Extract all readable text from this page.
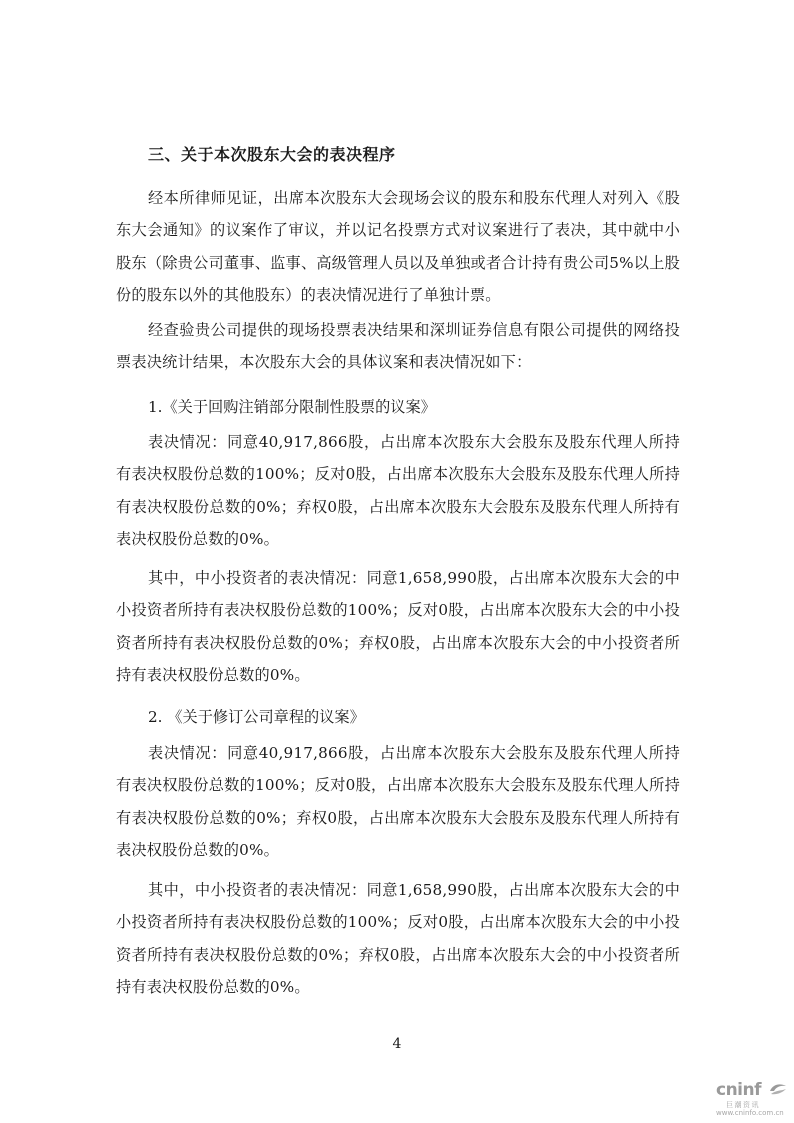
三、关于本次股东大会的表决程序
经本所律师见证，出席本次股东大会现场会议的股东和股东代理人对列入《股东大会通知》的议案作了审议，并以记名投票方式对议案进行了表决，其中就中小股东（除贵公司董事、监事、高级管理人员以及单独或者合计持有贵公司5%以上股份的股东以外的其他股东）的表决情况进行了单独计票。
经查验贵公司提供的现场投票表决结果和深圳证券信息有限公司提供的网络投票表决统计结果，本次股东大会的具体议案和表决情况如下：
1.《关于回购注销部分限制性股票的议案》
表决情况：同意40,917,866股，占出席本次股东大会股东及股东代理人所持有表决权股份总数的100%；反对0股，占出席本次股东大会股东及股东代理人所持有表决权股份总数的0%；弃权0股，占出席本次股东大会股东及股东代理人所持有表决权股份总数的0%。
其中，中小投资者的表决情况：同意1,658,990股，占出席本次股东大会的中小投资者所持有表决权股份总数的100%；反对0股，占出席本次股东大会的中小投资者所持有表决权股份总数的0%；弃权0股，占出席本次股东大会的中小投资者所持有表决权股份总数的0%。
2. 《关于修订公司章程的议案》
表决情况：同意40,917,866股，占出席本次股东大会股东及股东代理人所持有表决权股份总数的100%；反对0股，占出席本次股东大会股东及股东代理人所持有表决权股份总数的0%；弃权0股，占出席本次股东大会股东及股东代理人所持有表决权股份总数的0%。
其中，中小投资者的表决情况：同意1,658,990股，占出席本次股东大会的中小投资者所持有表决权股份总数的100%；反对0股，占出席本次股东大会的中小投资者所持有表决权股份总数的0%；弃权0股，占出席本次股东大会的中小投资者所持有表决权股份总数的0%。
4
cninf
巨潮资讯
www.cninfo.com.cn
